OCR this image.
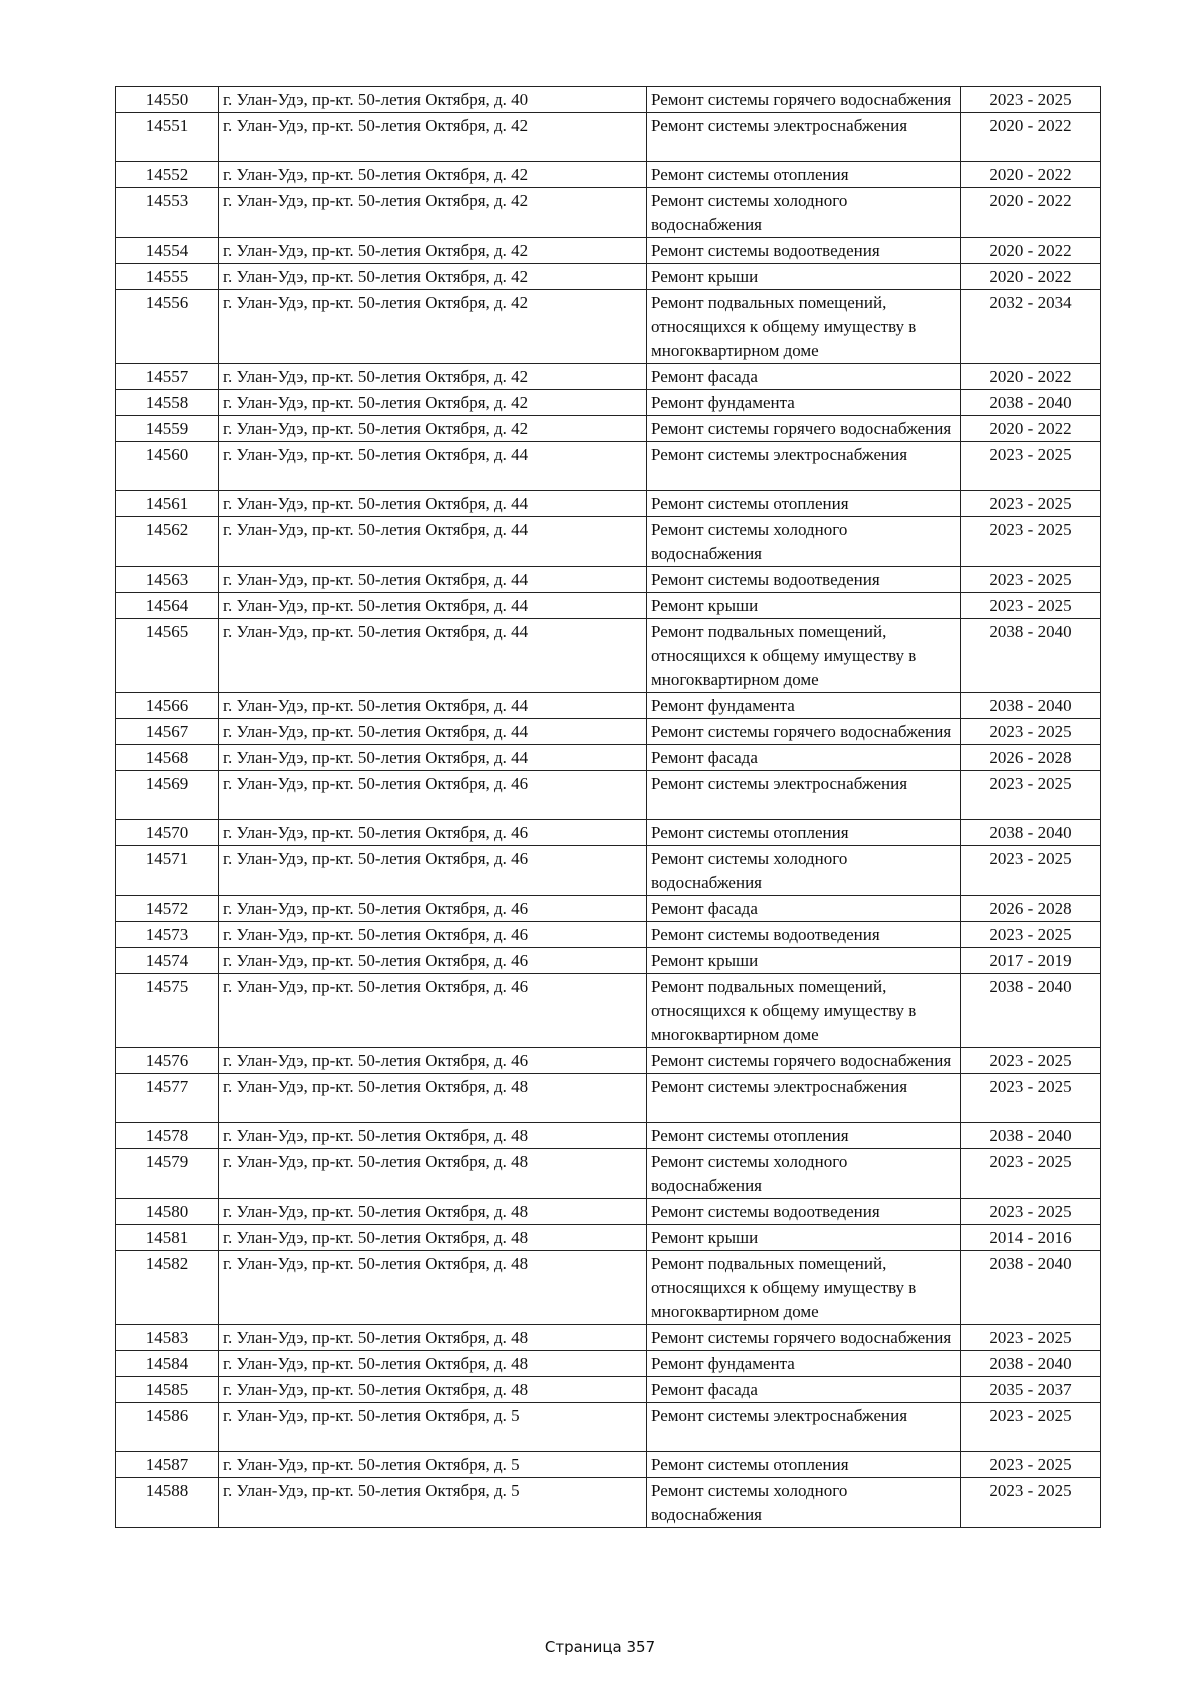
14550	г. Улан-Удэ, пр-кт. 50-летия Октября, д. 40	Ремонт системы горячего водоснабжения	2023 - 2025
14551	г. Улан-Удэ, пр-кт. 50-летия Октября, д. 42	Ремонт системы электроснабжения	2020 - 2022
14552	г. Улан-Удэ, пр-кт. 50-летия Октября, д. 42	Ремонт системы отопления	2020 - 2022
14553	г. Улан-Удэ, пр-кт. 50-летия Октября, д. 42	Ремонт системы холодного водоснабжения	2020 - 2022
14554	г. Улан-Удэ, пр-кт. 50-летия Октября, д. 42	Ремонт системы водоотведения	2020 - 2022
14555	г. Улан-Удэ, пр-кт. 50-летия Октября, д. 42	Ремонт крыши	2020 - 2022
14556	г. Улан-Удэ, пр-кт. 50-летия Октября, д. 42	Ремонт подвальных помещений, относящихся к общему имуществу в многоквартирном доме	2032 - 2034
14557	г. Улан-Удэ, пр-кт. 50-летия Октября, д. 42	Ремонт фасада	2020 - 2022
14558	г. Улан-Удэ, пр-кт. 50-летия Октября, д. 42	Ремонт фундамента	2038 - 2040
14559	г. Улан-Удэ, пр-кт. 50-летия Октября, д. 42	Ремонт системы горячего водоснабжения	2020 - 2022
14560	г. Улан-Удэ, пр-кт. 50-летия Октября, д. 44	Ремонт системы электроснабжения	2023 - 2025
14561	г. Улан-Удэ, пр-кт. 50-летия Октября, д. 44	Ремонт системы отопления	2023 - 2025
14562	г. Улан-Удэ, пр-кт. 50-летия Октября, д. 44	Ремонт системы холодного водоснабжения	2023 - 2025
14563	г. Улан-Удэ, пр-кт. 50-летия Октября, д. 44	Ремонт системы водоотведения	2023 - 2025
14564	г. Улан-Удэ, пр-кт. 50-летия Октября, д. 44	Ремонт крыши	2023 - 2025
14565	г. Улан-Удэ, пр-кт. 50-летия Октября, д. 44	Ремонт подвальных помещений, относящихся к общему имуществу в многоквартирном доме	2038 - 2040
14566	г. Улан-Удэ, пр-кт. 50-летия Октября, д. 44	Ремонт фундамента	2038 - 2040
14567	г. Улан-Удэ, пр-кт. 50-летия Октября, д. 44	Ремонт системы горячего водоснабжения	2023 - 2025
14568	г. Улан-Удэ, пр-кт. 50-летия Октября, д. 44	Ремонт фасада	2026 - 2028
14569	г. Улан-Удэ, пр-кт. 50-летия Октября, д. 46	Ремонт системы электроснабжения	2023 - 2025
14570	г. Улан-Удэ, пр-кт. 50-летия Октября, д. 46	Ремонт системы отопления	2038 - 2040
14571	г. Улан-Удэ, пр-кт. 50-летия Октября, д. 46	Ремонт системы холодного водоснабжения	2023 - 2025
14572	г. Улан-Удэ, пр-кт. 50-летия Октября, д. 46	Ремонт фасада	2026 - 2028
14573	г. Улан-Удэ, пр-кт. 50-летия Октября, д. 46	Ремонт системы водоотведения	2023 - 2025
14574	г. Улан-Удэ, пр-кт. 50-летия Октября, д. 46	Ремонт крыши	2017 - 2019
14575	г. Улан-Удэ, пр-кт. 50-летия Октября, д. 46	Ремонт подвальных помещений, относящихся к общему имуществу в многоквартирном доме	2038 - 2040
14576	г. Улан-Удэ, пр-кт. 50-летия Октября, д. 46	Ремонт системы горячего водоснабжения	2023 - 2025
14577	г. Улан-Удэ, пр-кт. 50-летия Октября, д. 48	Ремонт системы электроснабжения	2023 - 2025
14578	г. Улан-Удэ, пр-кт. 50-летия Октября, д. 48	Ремонт системы отопления	2038 - 2040
14579	г. Улан-Удэ, пр-кт. 50-летия Октября, д. 48	Ремонт системы холодного водоснабжения	2023 - 2025
14580	г. Улан-Удэ, пр-кт. 50-летия Октября, д. 48	Ремонт системы водоотведения	2023 - 2025
14581	г. Улан-Удэ, пр-кт. 50-летия Октября, д. 48	Ремонт крыши	2014 - 2016
14582	г. Улан-Удэ, пр-кт. 50-летия Октября, д. 48	Ремонт подвальных помещений, относящихся к общему имуществу в многоквартирном доме	2038 - 2040
14583	г. Улан-Удэ, пр-кт. 50-летия Октября, д. 48	Ремонт системы горячего водоснабжения	2023 - 2025
14584	г. Улан-Удэ, пр-кт. 50-летия Октября, д. 48	Ремонт фундамента	2038 - 2040
14585	г. Улан-Удэ, пр-кт. 50-летия Октября, д. 48	Ремонт фасада	2035 - 2037
14586	г. Улан-Удэ, пр-кт. 50-летия Октября, д. 5	Ремонт системы электроснабжения	2023 - 2025
14587	г. Улан-Удэ, пр-кт. 50-летия Октября, д. 5	Ремонт системы отопления	2023 - 2025
14588	г. Улан-Удэ, пр-кт. 50-летия Октября, д. 5	Ремонт системы холодного водоснабжения	2023 - 2025
Страница 357
